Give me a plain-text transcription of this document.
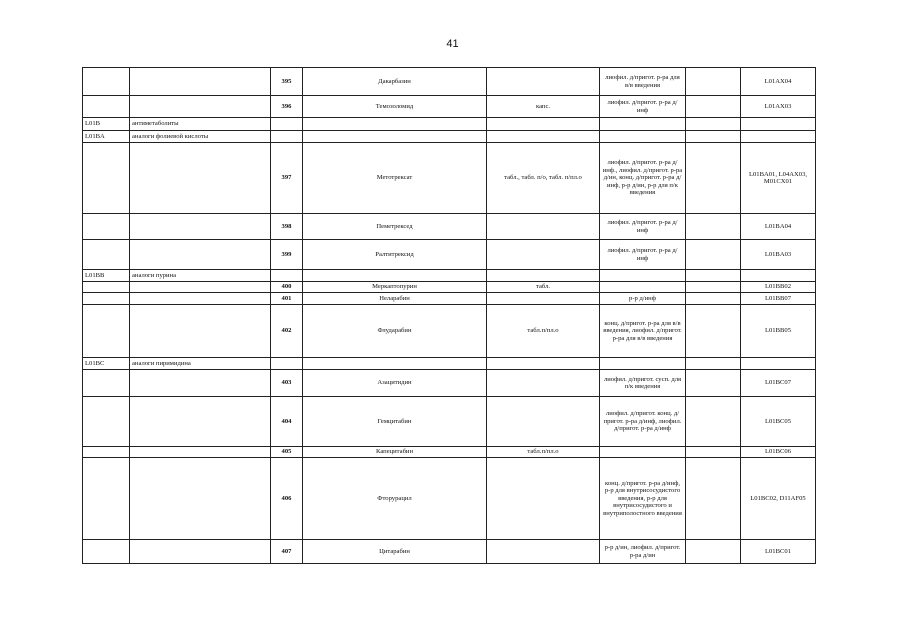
41
		395	Дакарбазин		лиофил. д/пригот. р-ра для в/в введения		L01AX04
		396	Темозоломид	капс.	лиофил. д/пригот. р-ра д/инф		L01AX03
L01B	антиметаболиты						
L01BA	аналоги фолиевой кислоты						
		397	Метотрексат	табл., табл. п/о, табл. п/пл.о	лиофил. д/пригот. р-ра д/инф., лиофил. д/пригот. р-ра д/ин, конц. д/пригот. р-ра д/инф, р-р д/ин, р-р для п/к введения		L01BA01, L04AX03, M01CX01
		398	Пеметрексед		лиофил. д/пригот. р-ра д/инф		L01BA04
		399	Ралтитрексид		лиофил. д/пригот. р-ра д/инф		L01BA03
L01BB	аналоги пурина						
		400	Меркаптопурин	табл.			L01BB02
		401	Неларабин		р-р д/инф		L01BB07
		402	Флударабин	табл.п/пл.о	конц. д/пригот. р-ра для в/в введения, лиофил. д/пригот. р-ра для в/в введения		L01BB05
L01BC	аналоги пиримидина						
		403	Азацитидин		лиофил. д/пригот. сусп. для п/к введения		L01BC07
		404	Гемцитабин		лиофил. д/пригот. конц. д/пригот. р-ра д/инф, лиофил. д/пригот. р-ра д/инф		L01BC05
		405	Капецитабин	табл.п/пл.о			L01BC06
		406	Фторурацил		конц. д/пригот. р-ра д/инф, р-р для внутрисосудистого введения, р-р для внутрисосудистого и внутриполостного введения		L01BC02, D11AF05
		407	Цитарабин		р-р д/ин, лиофил. д/пригот. р-ра д/ин		L01BC01
